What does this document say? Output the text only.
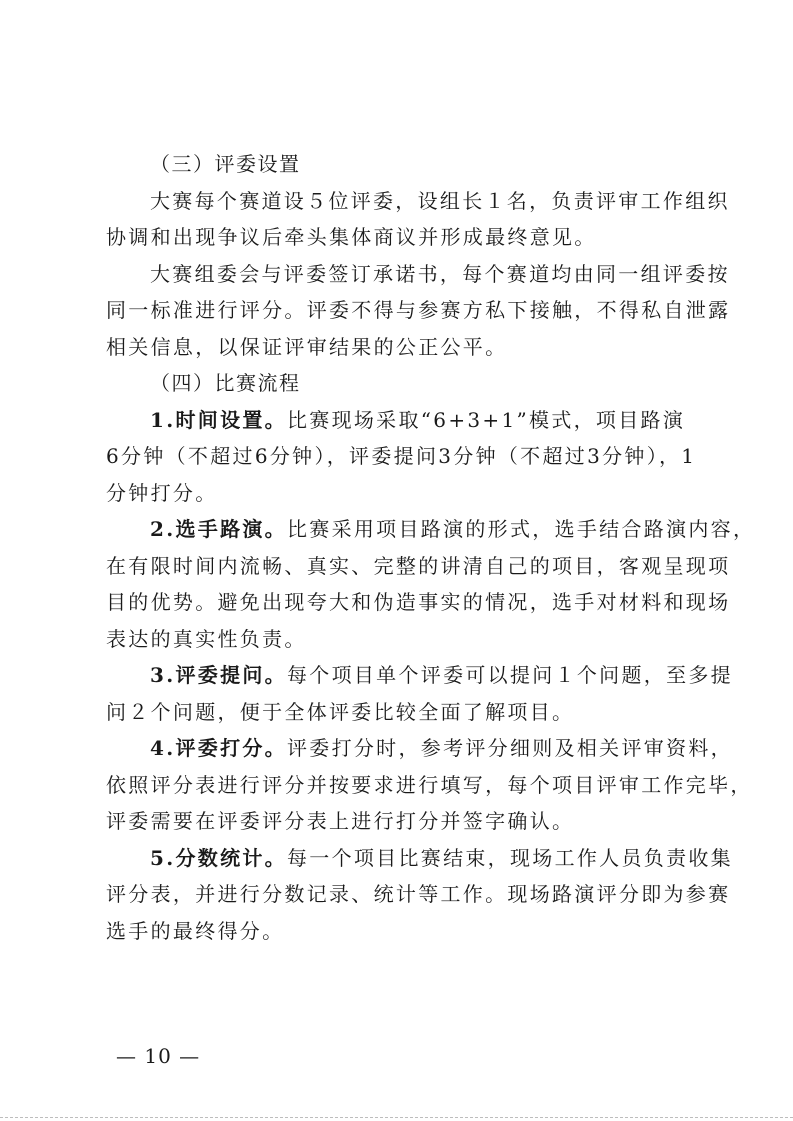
（三）评委设置
大赛每个赛道设５位评委，设组长１名，负责评审工作组织
协调和出现争议后牵头集体商议并形成最终意见。
大赛组委会与评委签订承诺书，每个赛道均由同一组评委按
同一标准进行评分。评委不得与参赛方私下接触，不得私自泄露
相关信息，以保证评审结果的公正公平。
（四）比赛流程
1.时间设置。比赛现场采取“6+3+1”模式，项目路演
6分钟（不超过6分钟），评委提问3分钟（不超过3分钟），1
分钟打分。
2.选手路演。比赛采用项目路演的形式，选手结合路演内容，
在有限时间内流畅、真实、完整的讲清自己的项目，客观呈现项
目的优势。避免出现夸大和伪造事实的情况，选手对材料和现场
表达的真实性负责。
3.评委提问。每个项目单个评委可以提问１个问题，至多提
问２个问题，便于全体评委比较全面了解项目。
4.评委打分。评委打分时，参考评分细则及相关评审资料，
依照评分表进行评分并按要求进行填写，每个项目评审工作完毕，
评委需要在评委评分表上进行打分并签字确认。
5.分数统计。每一个项目比赛结束，现场工作人员负责收集
评分表，并进行分数记录、统计等工作。现场路演评分即为参赛
选手的最终得分。
— 10 —
